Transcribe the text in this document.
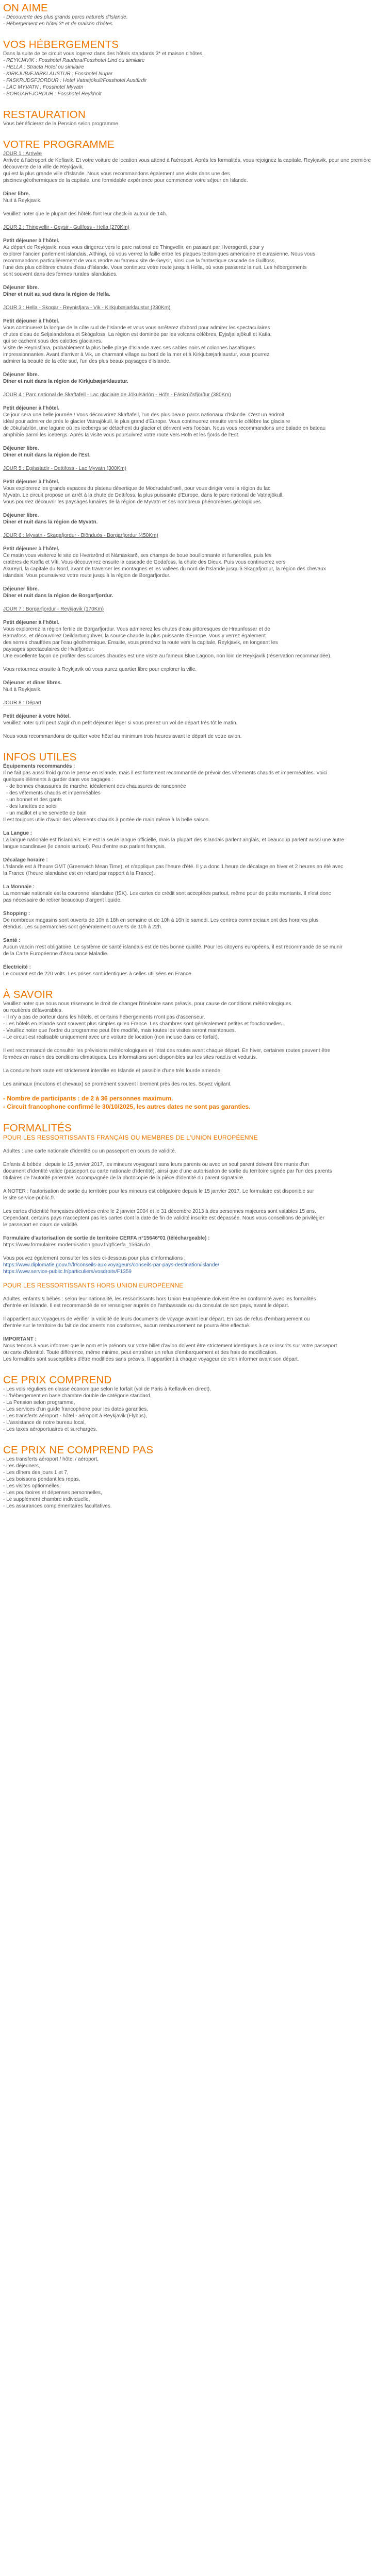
ON AIME

- Découverte des plus grands parcs naturels d'Islande.

- Hébergement en hôtel 3* et de maison d'hôtes.

VOS HÉBERGEMENTS

Dans la suite de ce circuit vous logerez dans des hôtels standards 3* et maison d'hôtes.

- REYKJAVIK : Fosshotel Raudara/Fosshotel Lind ou similaire

- HELLA : Stracta Hotel ou similaire

- KIRKJUBÆJARKLAUSTUR : Fosshotel Nupar

- FASKRUDSFJORDUR : Hotel Vatnajökull/Fosshotel Austfirdir

- LAC MYVATN : Fosshotel Myvatn

- BORGARFJORDUR : Fosshotel Reykholt

RESTAURATION

Vous bénéficierez de la Pension selon programme.

VOTRE PROGRAMME

JOUR 1 : Arrivée

Arrivée à l'aéroport de Keflavik. Et votre voiture de location vous attend à l'aéroport. Après les formalités, vous rejoignez la capitale, Reykjavik, pour une première découverte de la ville de Reykjavik,

qui est la plus grande ville d'Islande. Nous vous recommandons également une visite dans une des

piscines géothermiques de la capitale, une formidable expérience pour commencer votre séjour en Islande.

Dîner libre.

Nuit à Reykjavik.

Veuillez noter que le plupart des hôtels font leur check-in autour de 14h.

JOUR 2 : Thingvellir - Geysir - Gullfoss - Hella (270Km)

Petit déjeuner à l'hôtel.

Au départ de Reykjavik, nous vous dirigerez vers le parc national de Thingvellir, en passant par Hveragerdi, pour y

explorer l'ancien parlement islandais, Althingi, où vous verrez la faille entre les plaques tectoniques américaine et eurasienne. Nous vous

recommandons particulièrement de vous rendre au fameux site de Geysir, ainsi que la fantastique cascade de Gullfoss,

l'une des plus célèbres chutes d'eau d'Islande. Vous continuez votre route jusqu'à Hella, où vous passerez la nuit. Les hébergements

sont souvent dans des fermes rurales islandaises.

Déjeuner libre.

Dîner et nuit au sud dans la région de Hella.

JOUR 3 : Hella - Skogar - Reynisfjara - Vik - Kirkjubæjarklaustur (230Km)

Petit déjeuner à l'hôtel.

Vous continuerez la longue de la côte sud de l'Islande et vous vous arrêterez d'abord pour admirer les spectaculaires

chutes d'eau de Seljalandsfoss et Skógafoss. La région est dominée par les volcans célèbres, Eyjafjallajökull et Katla,

qui se cachent sous des calottes glaciaires.

Visite de Reynisfjara, probablement la plus belle plage d'Islande avec ses sables noirs et colonnes basaltiques

impressionnantes. Avant d'arriver à Vik, un charmant village au bord de la mer et à Kirkjubæjarklaustur, vous pourrez

admirer la beauté de la côte sud, l'un des plus beaux paysages d'Islande.

Déjeuner libre.

Dîner et nuit dans la région de Kirkjubæjarklaustur.

JOUR 4 : Parc national de Skaftafell - Lac glaciaire de Jökulsárlón - Höfn - Fáskrúðsfjörður (380Km)

Petit déjeuner à l'hôtel.

Ce jour sera une belle journée ! Vous découvrirez Skaftafell, l'un des plus beaux parcs nationaux d'Islande. C'est un endroit

idéal pour admirer de près le glacier Vatnajökull, le plus grand d'Europe. Vous continuerez ensuite vers le célèbre lac glaciaire

de Jökulsárlón, une lagune où les icebergs se détachent du glacier et dérivent vers l'océan. Nous vous recommandons une balade en bateau

amphibie parmi les icebergs. Après la visite vous poursuivrez votre route vers Höfn et les fjords de l'Est.

Déjeuner libre.

Dîner et nuit dans la région de l'Est.

JOUR 5 : Egilsstadir - Dettifoss - Lac Myvatn (300Km)

Petit déjeuner à l'hôtel.

Vous explorerez les grands espaces du plateau désertique de Mödrudalsöræfi, pour vous diriger vers la région du lac

Myvatn. Le circuit propose un arrêt à la chute de Dettifoss, la plus puissante d'Europe, dans le parc national de Vatnajökull.

Vous pourrez découvrir les paysages lunaires de la région de Myvatn et ses nombreux phénomènes géologiques.

Déjeuner libre.

Dîner et nuit dans la région de Myvatn.

JOUR 6 : Myvatn - Skagafjordur - Blönduós - Borgarfjordur (450Km)

Petit déjeuner à l'hôtel.

Ce matin vous visiterez le site de Hverarönd et Námaskarð, ses champs de boue bouillonnante et fumerolles, puis les

cratères de Krafla et Víti. Vous découvrirez ensuite la cascade de Godafoss, la chute des Dieux. Puis vous continuerez vers

Akureyri, la capitale du Nord, avant de traverser les montagnes et les vallées du nord de l'Islande jusqu'à Skagafjordur, la région des chevaux

islandais. Vous poursuivrez votre route jusqu'à la région de Borgarfjordur.

Déjeuner libre.

Dîner et nuit dans la région de Borgarfjordur.

JOUR 7 : Borgarfjordur - Reykjavik (170Km)

Petit déjeuner à l'hôtel.

Vous explorerez la région fertile de Borgarfjordur. Vous admirerez les chutes d'eau pittoresques de Hraunfossar et de

Barnafoss, et découvrirez Deildartunguhver, la source chaude la plus puissante d'Europe. Vous y verrez également

des serres chauffées par l'eau géothermique. Ensuite, vous prendrez la route vers la capitale, Reykjavik, en longeant les

paysages spectaculaires de Hvalfjordur.

Une excellente façon de profiter des sources chaudes est une visite au fameux Blue Lagoon, non loin de Reykjavik (réservation recommandée).

Vous retournez ensuite à Reykjavik où vous aurez quartier libre pour explorer la ville.

Déjeuner et dîner libres.

Nuit à Reykjavik.

JOUR 8 : Départ

Petit déjeuner à votre hôtel.

Veuillez noter qu'il peut s'agir d'un petit déjeuner léger si vous prenez un vol de départ très tôt le matin.

Nous vous recommandons de quitter votre hôtel au minimum trois heures avant le départ de votre avion.

INFOS UTILES

Équipements recommandés :

Il ne fait pas aussi froid qu'on le pense en Islande, mais il est fortement recommandé de prévoir des vêtements chauds et imperméables. Voici

quelques éléments à garder dans vos bagages :

- de bonnes chaussures de marche, idéalement des chaussures de randonnée

- des vêtements chauds et imperméables

- un bonnet et des gants

- des lunettes de soleil

- un maillot et une serviette de bain

Il est toujours utile d'avoir des vêtements chauds à portée de main même à la belle saison.

La Langue :

La langue nationale est l'islandais. Elle est la seule langue officielle, mais la plupart des Islandais parlent anglais, et beaucoup parlent aussi une autre

langue scandinave (le danois surtout). Peu d'entre eux parlent français.

Décalage horaire :

L'Islande est à l'heure GMT (Greenwich Mean Time), et n'applique pas l'heure d'été. Il y a donc 1 heure de décalage en hiver et 2 heures en été avec

la France (l'heure islandaise est en retard par rapport à la France).

La Monnaie :

La monnaie nationale est la couronne islandaise (ISK). Les cartes de crédit sont acceptées partout, même pour de petits montants. Il n'est donc

pas nécessaire de retirer beaucoup d'argent liquide.

Shopping :

De nombreux magasins sont ouverts de 10h à 18h en semaine et de 10h à 16h le samedi. Les centres commerciaux ont des horaires plus

étendus. Les supermarchés sont généralement ouverts de 10h à 22h.

Santé :

Aucun vaccin n'est obligatoire. Le système de santé islandais est de très bonne qualité. Pour les citoyens européens, il est recommandé de se munir

de la Carte Européenne d'Assurance Maladie.

Électricité :

Le courant est de 220 volts. Les prises sont identiques à celles utilisées en France.

À SAVOIR

Veuillez noter que nous nous réservons le droit de changer l'itinéraire sans préavis, pour cause de conditions météorologiques

ou routières défavorables.

- Il n'y a pas de porteur dans les hôtels, et certains hébergements n'ont pas d'ascenseur.

- Les hôtels en Islande sont souvent plus simples qu'en France. Les chambres sont généralement petites et fonctionnelles.

- Veuillez noter que l'ordre du programme peut être modifié, mais toutes les visites seront maintenues.

- Le circuit est réalisable uniquement avec une voiture de location (non incluse dans ce forfait).

Il est recommandé de consulter les prévisions météorologiques et l'état des routes avant chaque départ. En hiver, certaines routes peuvent être

fermées en raison des conditions climatiques. Les informations sont disponibles sur les sites road.is et vedur.is.

La conduite hors route est strictement interdite en Islande et passible d'une très lourde amende.

Les animaux (moutons et chevaux) se promènent souvent librement près des routes. Soyez vigilant.

- Nombre de participants : de 2 à 36 personnes maximum.

- Circuit francophone confirmé le 30/10/2025, les autres dates ne sont pas garanties.

FORMALITÉS

POUR LES RESSORTISSANTS FRANÇAIS OU MEMBRES DE L'UNION EUROPÉENNE

Adultes : une carte nationale d'identité ou un passeport en cours de validité.

Enfants & bébés : depuis le 15 janvier 2017, les mineurs voyageant sans leurs parents ou avec un seul parent doivent être munis d'un

document d'identité valide (passeport ou carte nationale d'identité), ainsi que d'une autorisation de sortie du territoire signée par l'un des parents

titulaires de l'autorité parentale, accompagnée de la photocopie de la pièce d'identité du parent signataire.

A NOTER : l'autorisation de sortie du territoire pour les mineurs est obligatoire depuis le 15 janvier 2017. Le formulaire est disponible sur

le site service-public.fr.

Les cartes d'identité françaises délivrées entre le 2 janvier 2004 et le 31 décembre 2013 à des personnes majeures sont valables 15 ans.

Cependant, certains pays n'acceptent pas les cartes dont la date de fin de validité inscrite est dépassée. Nous vous conseillons de privilégier

le passeport en cours de validité.

Formulaire d'autorisation de sortie de territoire CERFA n°15646*01 (téléchargeable) :

https://www.formulaires.modernisation.gouv.fr/gf/cerfa_15646.do

Vous pouvez également consulter les sites ci-dessous pour plus d'informations :

https://www.diplomatie.gouv.fr/fr/conseils-aux-voyageurs/conseils-par-pays-destination/islande/

https://www.service-public.fr/particuliers/vosdroits/F1359

POUR LES RESSORTISSANTS HORS UNION EUROPÉENNE

Adultes, enfants & bébés : selon leur nationalité, les ressortissants hors Union Européenne doivent être en conformité avec les formalités

d'entrée en Islande. Il est recommandé de se renseigner auprès de l'ambassade ou du consulat de son pays, avant le départ.

Il appartient aux voyageurs de vérifier la validité de leurs documents de voyage avant leur départ. En cas de refus d'embarquement ou

d'entrée sur le territoire du fait de documents non conformes, aucun remboursement ne pourra être effectué.

IMPORTANT :

Nous tenons à vous informer que le nom et le prénom sur votre billet d'avion doivent être strictement identiques à ceux inscrits sur votre passeport

ou carte d'identité. Toute différence, même minime, peut entraîner un refus d'embarquement et des frais de modification.

Les formalités sont susceptibles d'être modifiées sans préavis. Il appartient à chaque voyageur de s'en informer avant son départ.

CE PRIX COMPREND

- Les vols réguliers en classe économique selon le forfait (vol de Paris à Keflavik en direct),

- L'hébergement en base chambre double de catégorie standard,

- La Pension selon programme,

- Les services d'un guide francophone pour les dates garanties,

- Les transferts aéroport - hôtel - aéroport à Reykjavik (Flybus),

- L'assistance de notre bureau local,

- Les taxes aéroportuaires et surcharges.

CE PRIX NE COMPREND PAS

- Les transferts aéroport / hôtel / aéroport,

- Les déjeuners,

- Les dîners des jours 1 et 7,

- Les boissons pendant les repas,

- Les visites optionnelles,

- Les pourboires et dépenses personnelles,

- Le supplément chambre individuelle,

- Les assurances complémentaires facultatives.
